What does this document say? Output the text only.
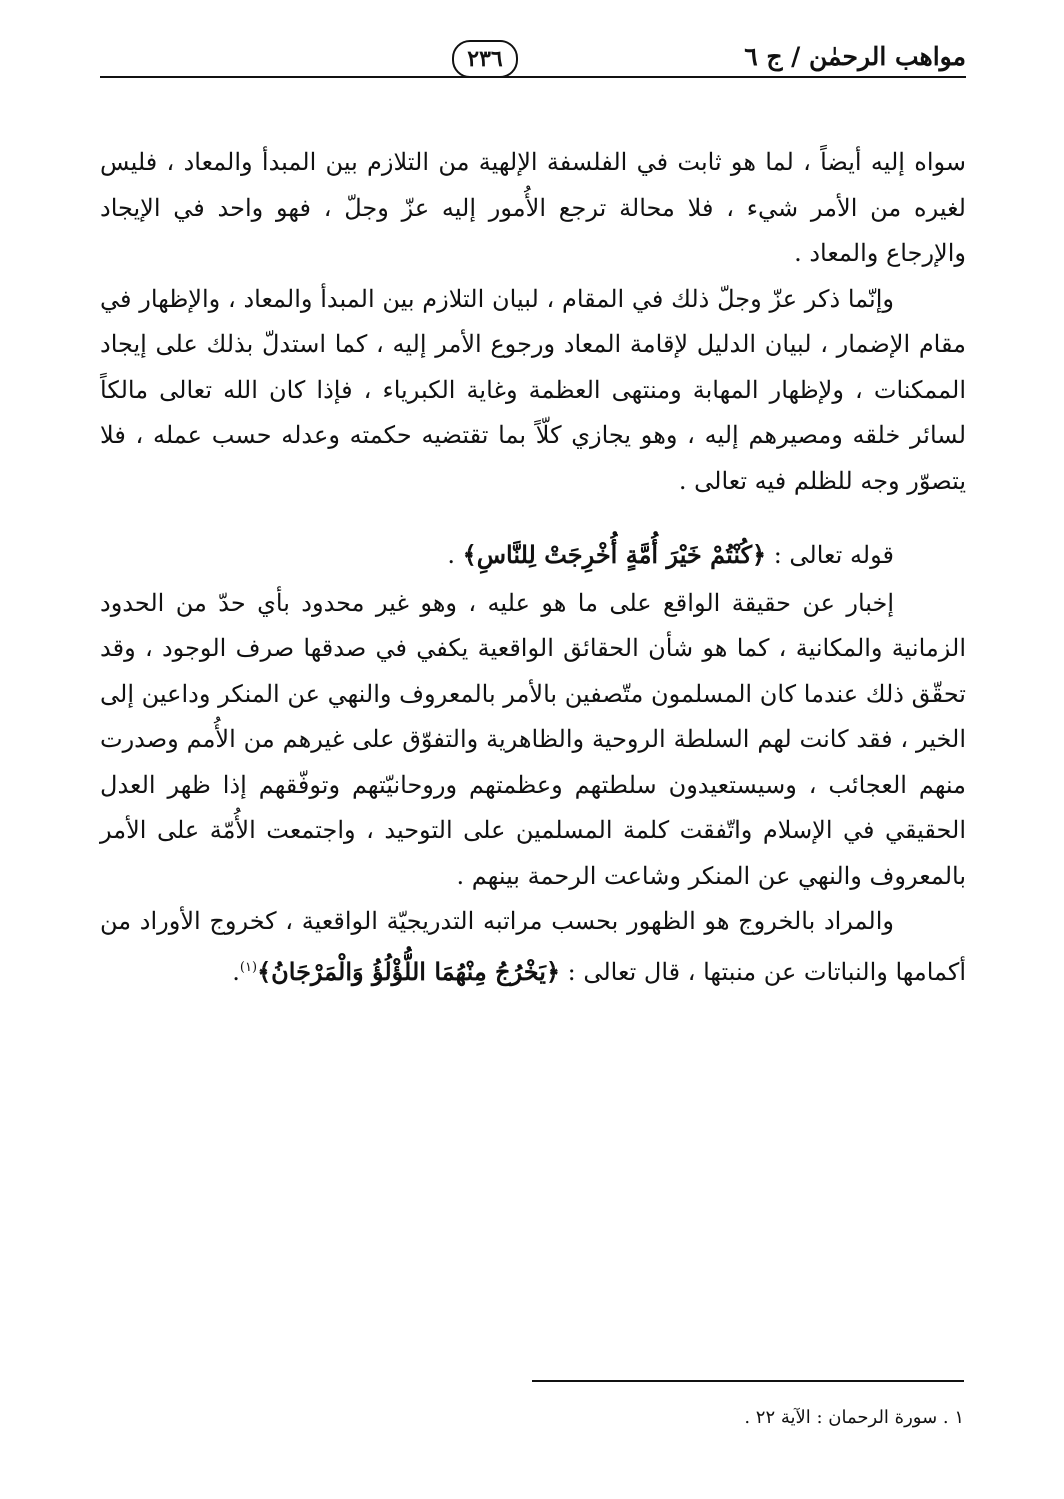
مواهب الرحمٰن / ج ٦
٢٣٦

سواه إليه أيضاً ، لما هو ثابت في الفلسفة الإلهية من التلازم بين المبدأ والمعاد ، فليس لغيره من الأمر شيء ، فلا محالة ترجع الأُمور إليه عزّ وجلّ ، فهو واحد في الإيجاد والإرجاع والمعاد .

وإنّما ذكر عزّ وجلّ ذلك في المقام ، لبيان التلازم بين المبدأ والمعاد ، والإظهار في مقام الإضمار ، لبيان الدليل لإقامة المعاد ورجوع الأمر إليه ، كما استدلّ بذلك على إيجاد الممكنات ، ولإظهار المهابة ومنتهى العظمة وغاية الكبرياء ، فإذا كان الله تعالى مالكاً لسائر خلقه ومصيرهم إليه ، وهو يجازي كلّاً بما تقتضيه حكمته وعدله حسب عمله ، فلا يتصوّر وجه للظلم فيه تعالى .

قوله تعالى : ﴿كُنْتُمْ خَيْرَ أُمَّةٍ أُخْرِجَتْ لِلنَّاسِ﴾ .

إخبار عن حقيقة الواقع على ما هو عليه ، وهو غير محدود بأي حدّ من الحدود الزمانية والمكانية ، كما هو شأن الحقائق الواقعية يكفي في صدقها صرف الوجود ، وقد تحقّق ذلك عندما كان المسلمون متّصفين بالأمر بالمعروف والنهي عن المنكر وداعين إلى الخير ، فقد كانت لهم السلطة الروحية والظاهرية والتفوّق على غيرهم من الأُمم وصدرت منهم العجائب ، وسيستعيدون سلطتهم وعظمتهم وروحانيّتهم وتوفّقهم إذا ظهر العدل الحقيقي في الإسلام واتّفقت كلمة المسلمين على التوحيد ، واجتمعت الأُمّة على الأمر بالمعروف والنهي عن المنكر وشاعت الرحمة بينهم .

والمراد بالخروج هو الظهور بحسب مراتبه التدريجيّة الواقعية ، كخروج الأوراد من أكمامها والنباتات عن منبتها ، قال تعالى : ﴿يَخْرُجُ مِنْهُمَا اللُّؤْلُؤُ وَالْمَرْجَانُ﴾$^{(١)}$.

١ . سورة الرحمان : الآية ٢٢ .
